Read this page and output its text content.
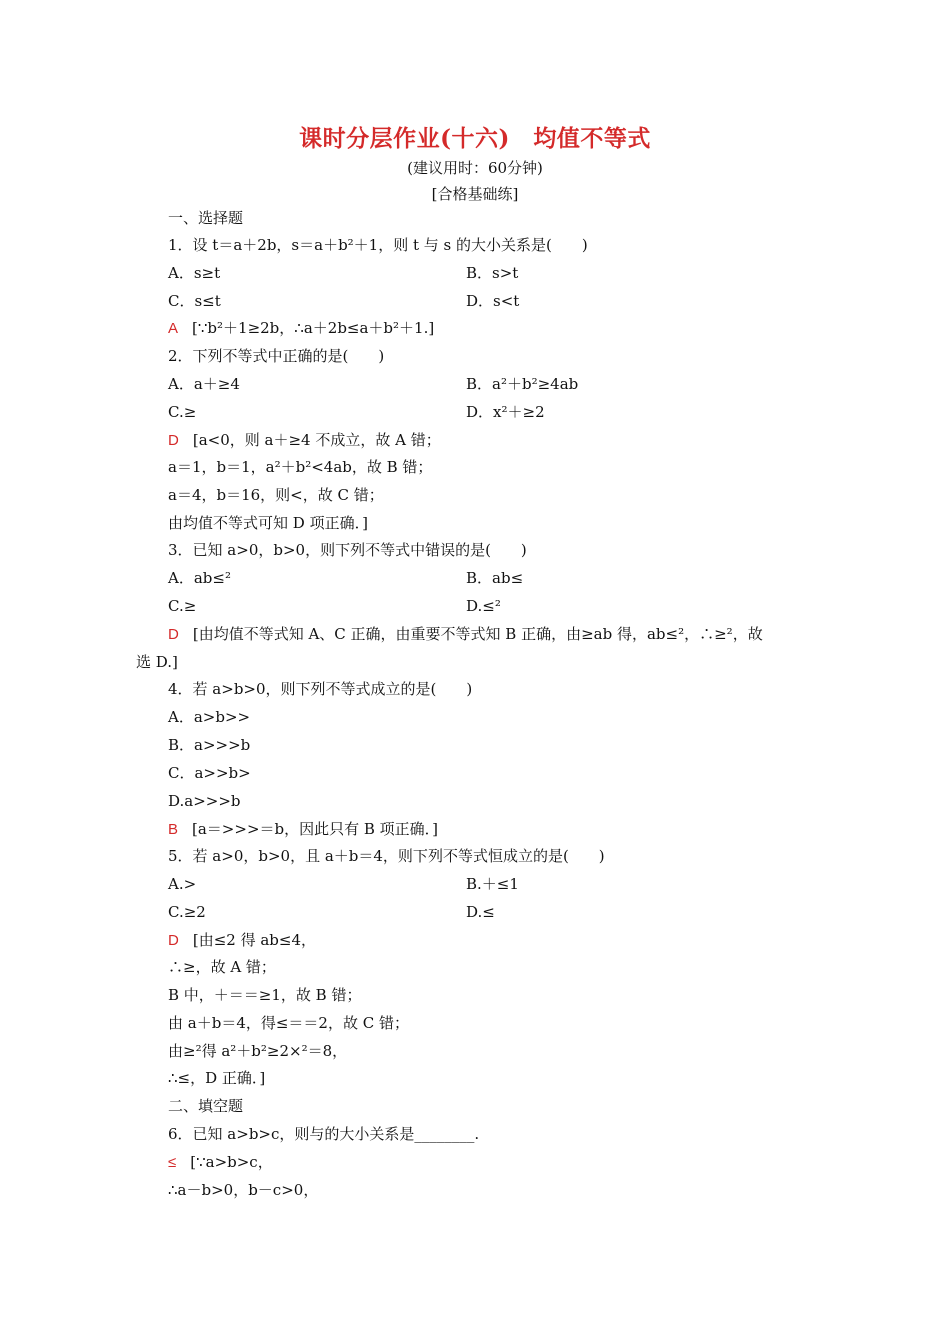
课时分层作业(十六)　均值不等式
(建议用时：60分钟)
[合格基础练]
一、选择题
1．设 t＝a＋2b，s＝a＋b²＋1，则 t 与 s 的大小关系是(　　)
A．s≥t	B．s>t
C．s≤t	D．s<t
A [∵b²＋1≥2b，∴a＋2b≤a＋b²＋1.]
2．下列不等式中正确的是(　　)
A．a＋≥4	B．a²＋b²≥4ab
C.≥	D．x²＋≥2
D [a<0，则 a＋≥4 不成立，故 A 错；
a＝1，b＝1，a²＋b²<4ab，故 B 错；
a＝4，b＝16，则<，故 C 错；
由均值不等式可知 D 项正确．]
3．已知 a>0，b>0，则下列不等式中错误的是(　　)
A．ab≤²	B．ab≤
C.≥	D.≤²
D [由均值不等式知 A、C 正确，由重要不等式知 B 正确，由≥ab 得，ab≤²，∴≥²，故
选 D.]
4．若 a>b>0，则下列不等式成立的是(　　)
A．a>b>>
B．a>>>b
C．a>>b>
D.a>>>b
B [a＝>>>＝b，因此只有 B 项正确．]
5．若 a>0，b>0，且 a＋b＝4，则下列不等式恒成立的是(　　)
A.>	B.＋≤1
C.≥2	D.≤
D [由≤2 得 ab≤4，
∴≥，故 A 错；
B 中，＋＝＝≥1，故 B 错；
由 a＋b＝4，得≤＝＝2，故 C 错；
由≥²得 a²＋b²≥2×²＝8，
∴≤，D 正确．]
二、填空题
6．已知 a>b>c，则与的大小关系是________.
≤ [∵a>b>c，
∴a－b>0，b－c>0，
